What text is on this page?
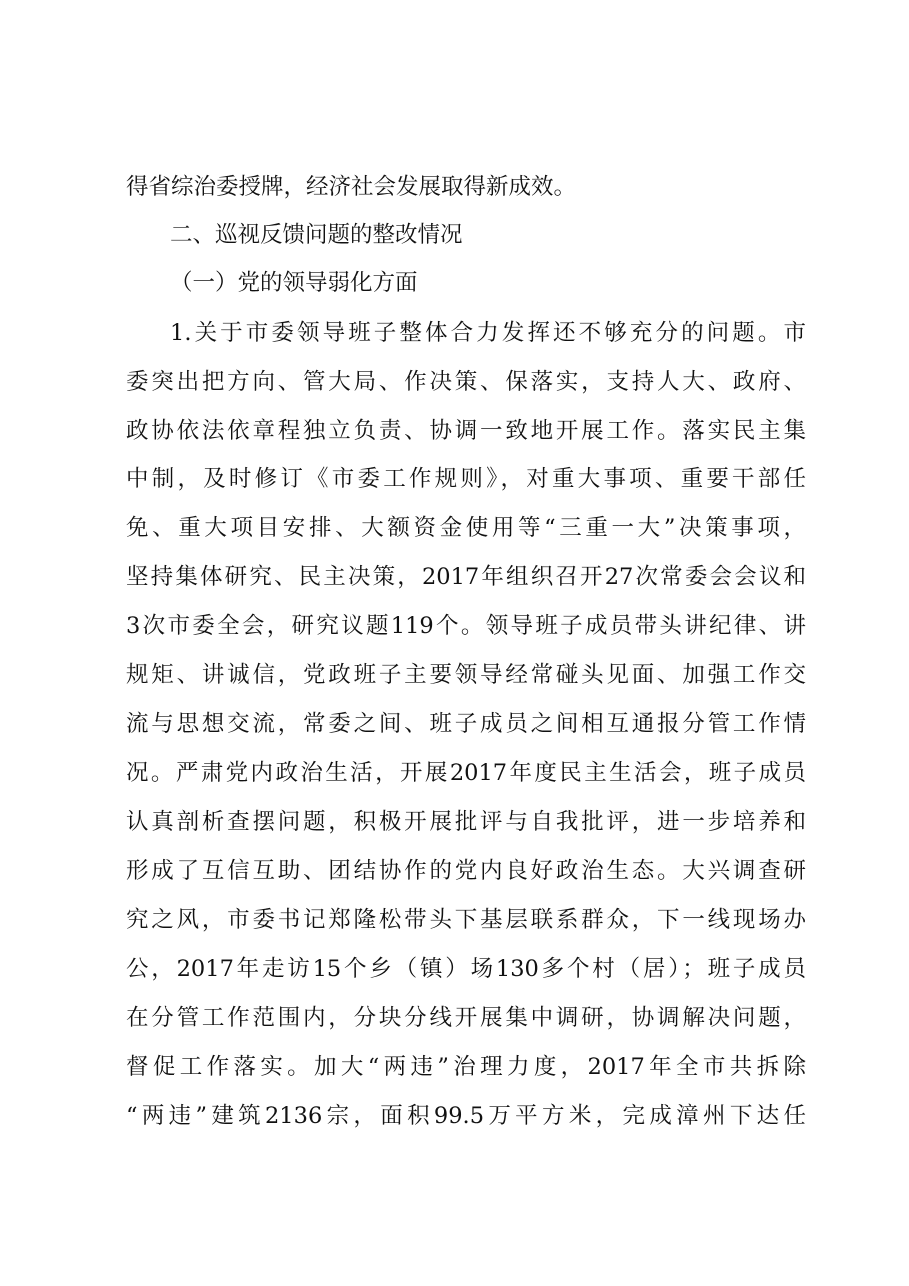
得省综治委授牌，经济社会发展取得新成效。
二、巡视反馈问题的整改情况
（一）党的领导弱化方面
1.关于市委领导班子整体合力发挥还不够充分的问题。市
委突出把方向、管大局、作决策、保落实，支持人大、政府、
政协依法依章程独立负责、协调一致地开展工作。落实民主集
中制，及时修订《市委工作规则》，对重大事项、重要干部任
免、重大项目安排、大额资金使用等“三重一大”决策事项，
坚持集体研究、民主决策，2017年组织召开27次常委会会议和
3次市委全会，研究议题119个。领导班子成员带头讲纪律、讲
规矩、讲诚信，党政班子主要领导经常碰头见面、加强工作交
流与思想交流，常委之间、班子成员之间相互通报分管工作情
况。严肃党内政治生活，开展2017年度民主生活会，班子成员
认真剖析查摆问题，积极开展批评与自我批评，进一步培养和
形成了互信互助、团结协作的党内良好政治生态。大兴调查研
究之风，市委书记郑隆松带头下基层联系群众，下一线现场办
公，2017年走访15个乡（镇）场130多个村（居）；班子成员
在分管工作范围内，分块分线开展集中调研，协调解决问题，
督促工作落实。加大“两违”治理力度，2017年全市共拆除
“两违”建筑2136宗，面积99.5万平方米，完成漳州下达任
